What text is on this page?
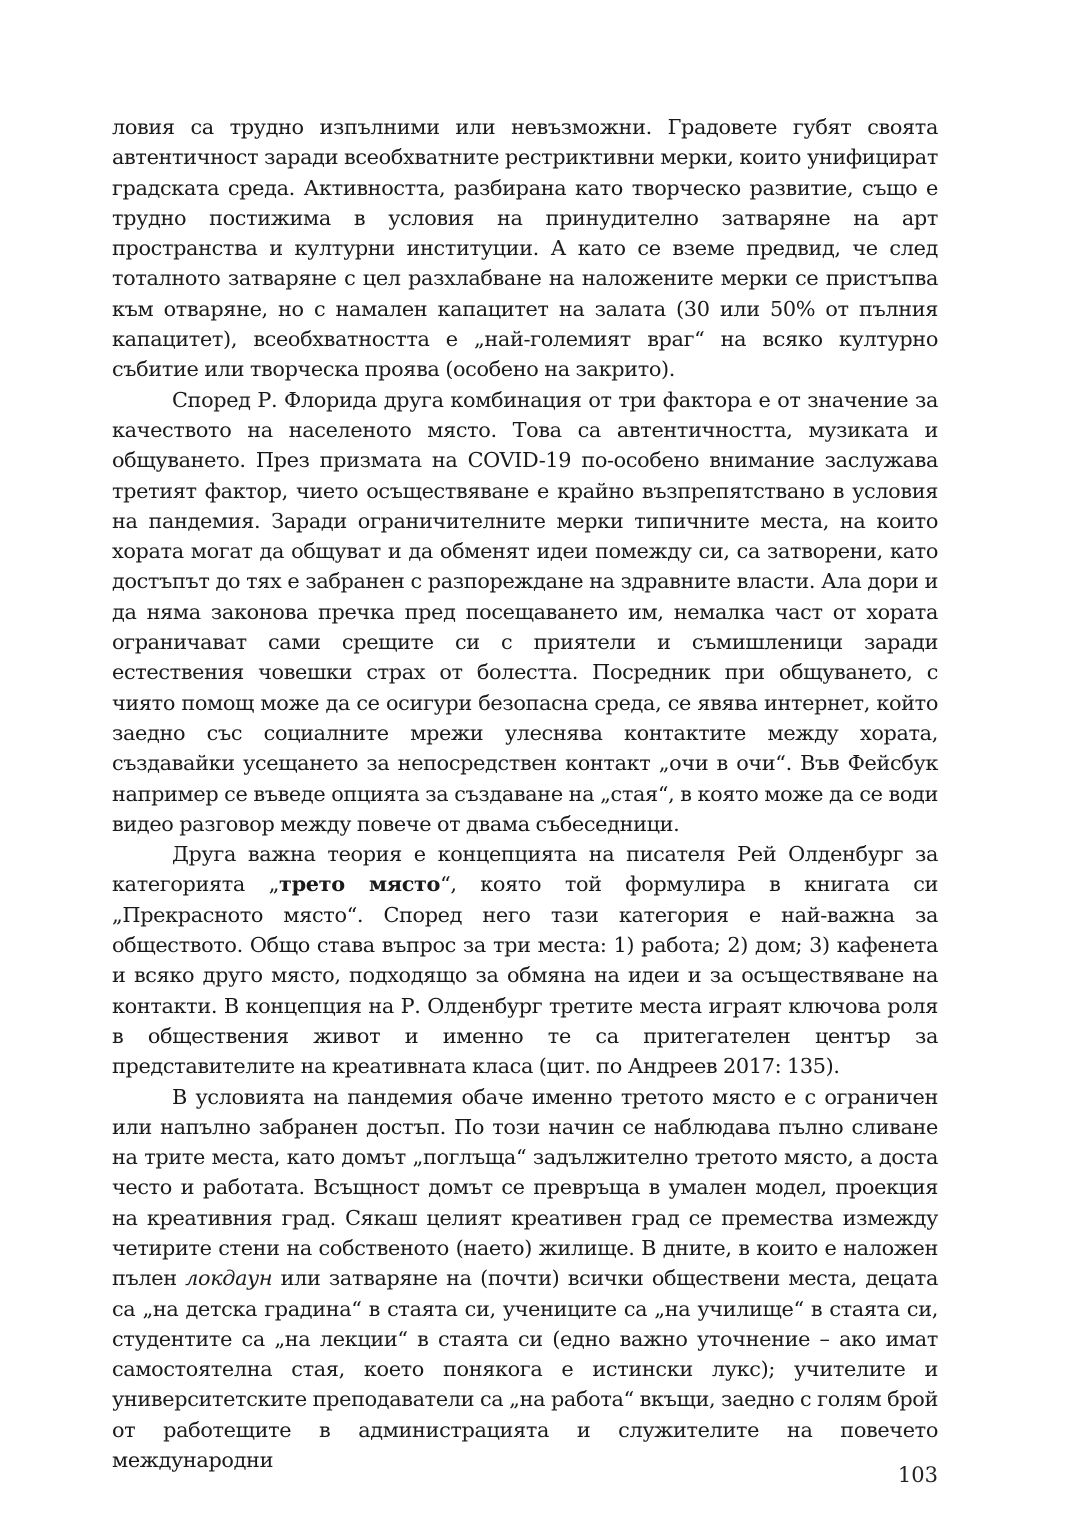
ловия са трудно изпълними или невъзможни. Градовете губят своята автентичност заради всеобхватните рестриктивни мерки, които унифицират градската среда. Активността, разбирана като творческо развитие, също е трудно постижима в условия на принудително затваряне на арт пространства и културни институции. А като се вземе предвид, че след тоталното затваряне с цел разхлабване на наложените мерки се пристъпва към отваряне, но с намален капацитет на залата (30 или 50% от пълния капацитет), всеобхватността е „най-големият враг“ на всяко културно събитие или творческа проява (особено на закрито).

Според Р. Флорида друга комбинация от три фактора е от значение за качеството на населеното място. Това са автентичността, музиката и общуването. През призмата на COVID-19 по-особено внимание заслужава третият фактор, чието осъществяване е крайно възпрепятствано в условия на пандемия. Заради ограничителните мерки типичните места, на които хората могат да общуват и да обменят идеи помежду си, са затворени, като достъпът до тях е забранен с разпореждане на здравните власти. Ала дори и да няма законова пречка пред посещаването им, немалка част от хората ограничават сами срещите си с приятели и съмишленици заради естествения човешки страх от болестта. Посредник при общуването, с чиято помощ може да се осигури безопасна среда, се явява интернет, който заедно със социалните мрежи улеснява контактите между хората, създавайки усещането за непосредствен контакт „очи в очи“. Във Фейсбук например се въведе опцията за създаване на „стая“, в която може да се води видео разговор между повече от двама събеседници.

Друга важна теория е концепцията на писателя Рей Олденбург за категорията „трето място“, която той формулира в книгата си „Прекрасното място“. Според него тази категория е най-важна за обществото. Общо става въпрос за три места: 1) работа; 2) дом; 3) кафенета и всяко друго място, подходящо за обмяна на идеи и за осъществяване на контакти. В концепция на Р. Олденбург третите места играят ключова роля в обществения живот и именно те са притегателен център за представителите на креативната класа (цит. по Андреев 2017: 135).

В условията на пандемия обаче именно третото място е с ограничен или напълно забранен достъп. По този начин се наблюдава пълно сливане на трите места, като домът „поглъща“ задължително третото място, а доста често и работата. Всъщност домът се превръща в умален модел, проекция на креативния град. Сякаш целият креативен град се премества измежду четирите стени на собственото (наето) жилище. В дните, в които е наложен пълен локдаун или затваряне на (почти) всички обществени места, децата са „на детска градина“ в стаята си, учениците са „на училище“ в стаята си, студентите са „на лекции“ в стаята си (едно важно уточнение – ако имат самостоятелна стая, което понякога е истински лукс); учителите и университетските преподаватели са „на работа“ вкъщи, заедно с голям брой от работещите в администрацията и служителите на повечето международни

103
